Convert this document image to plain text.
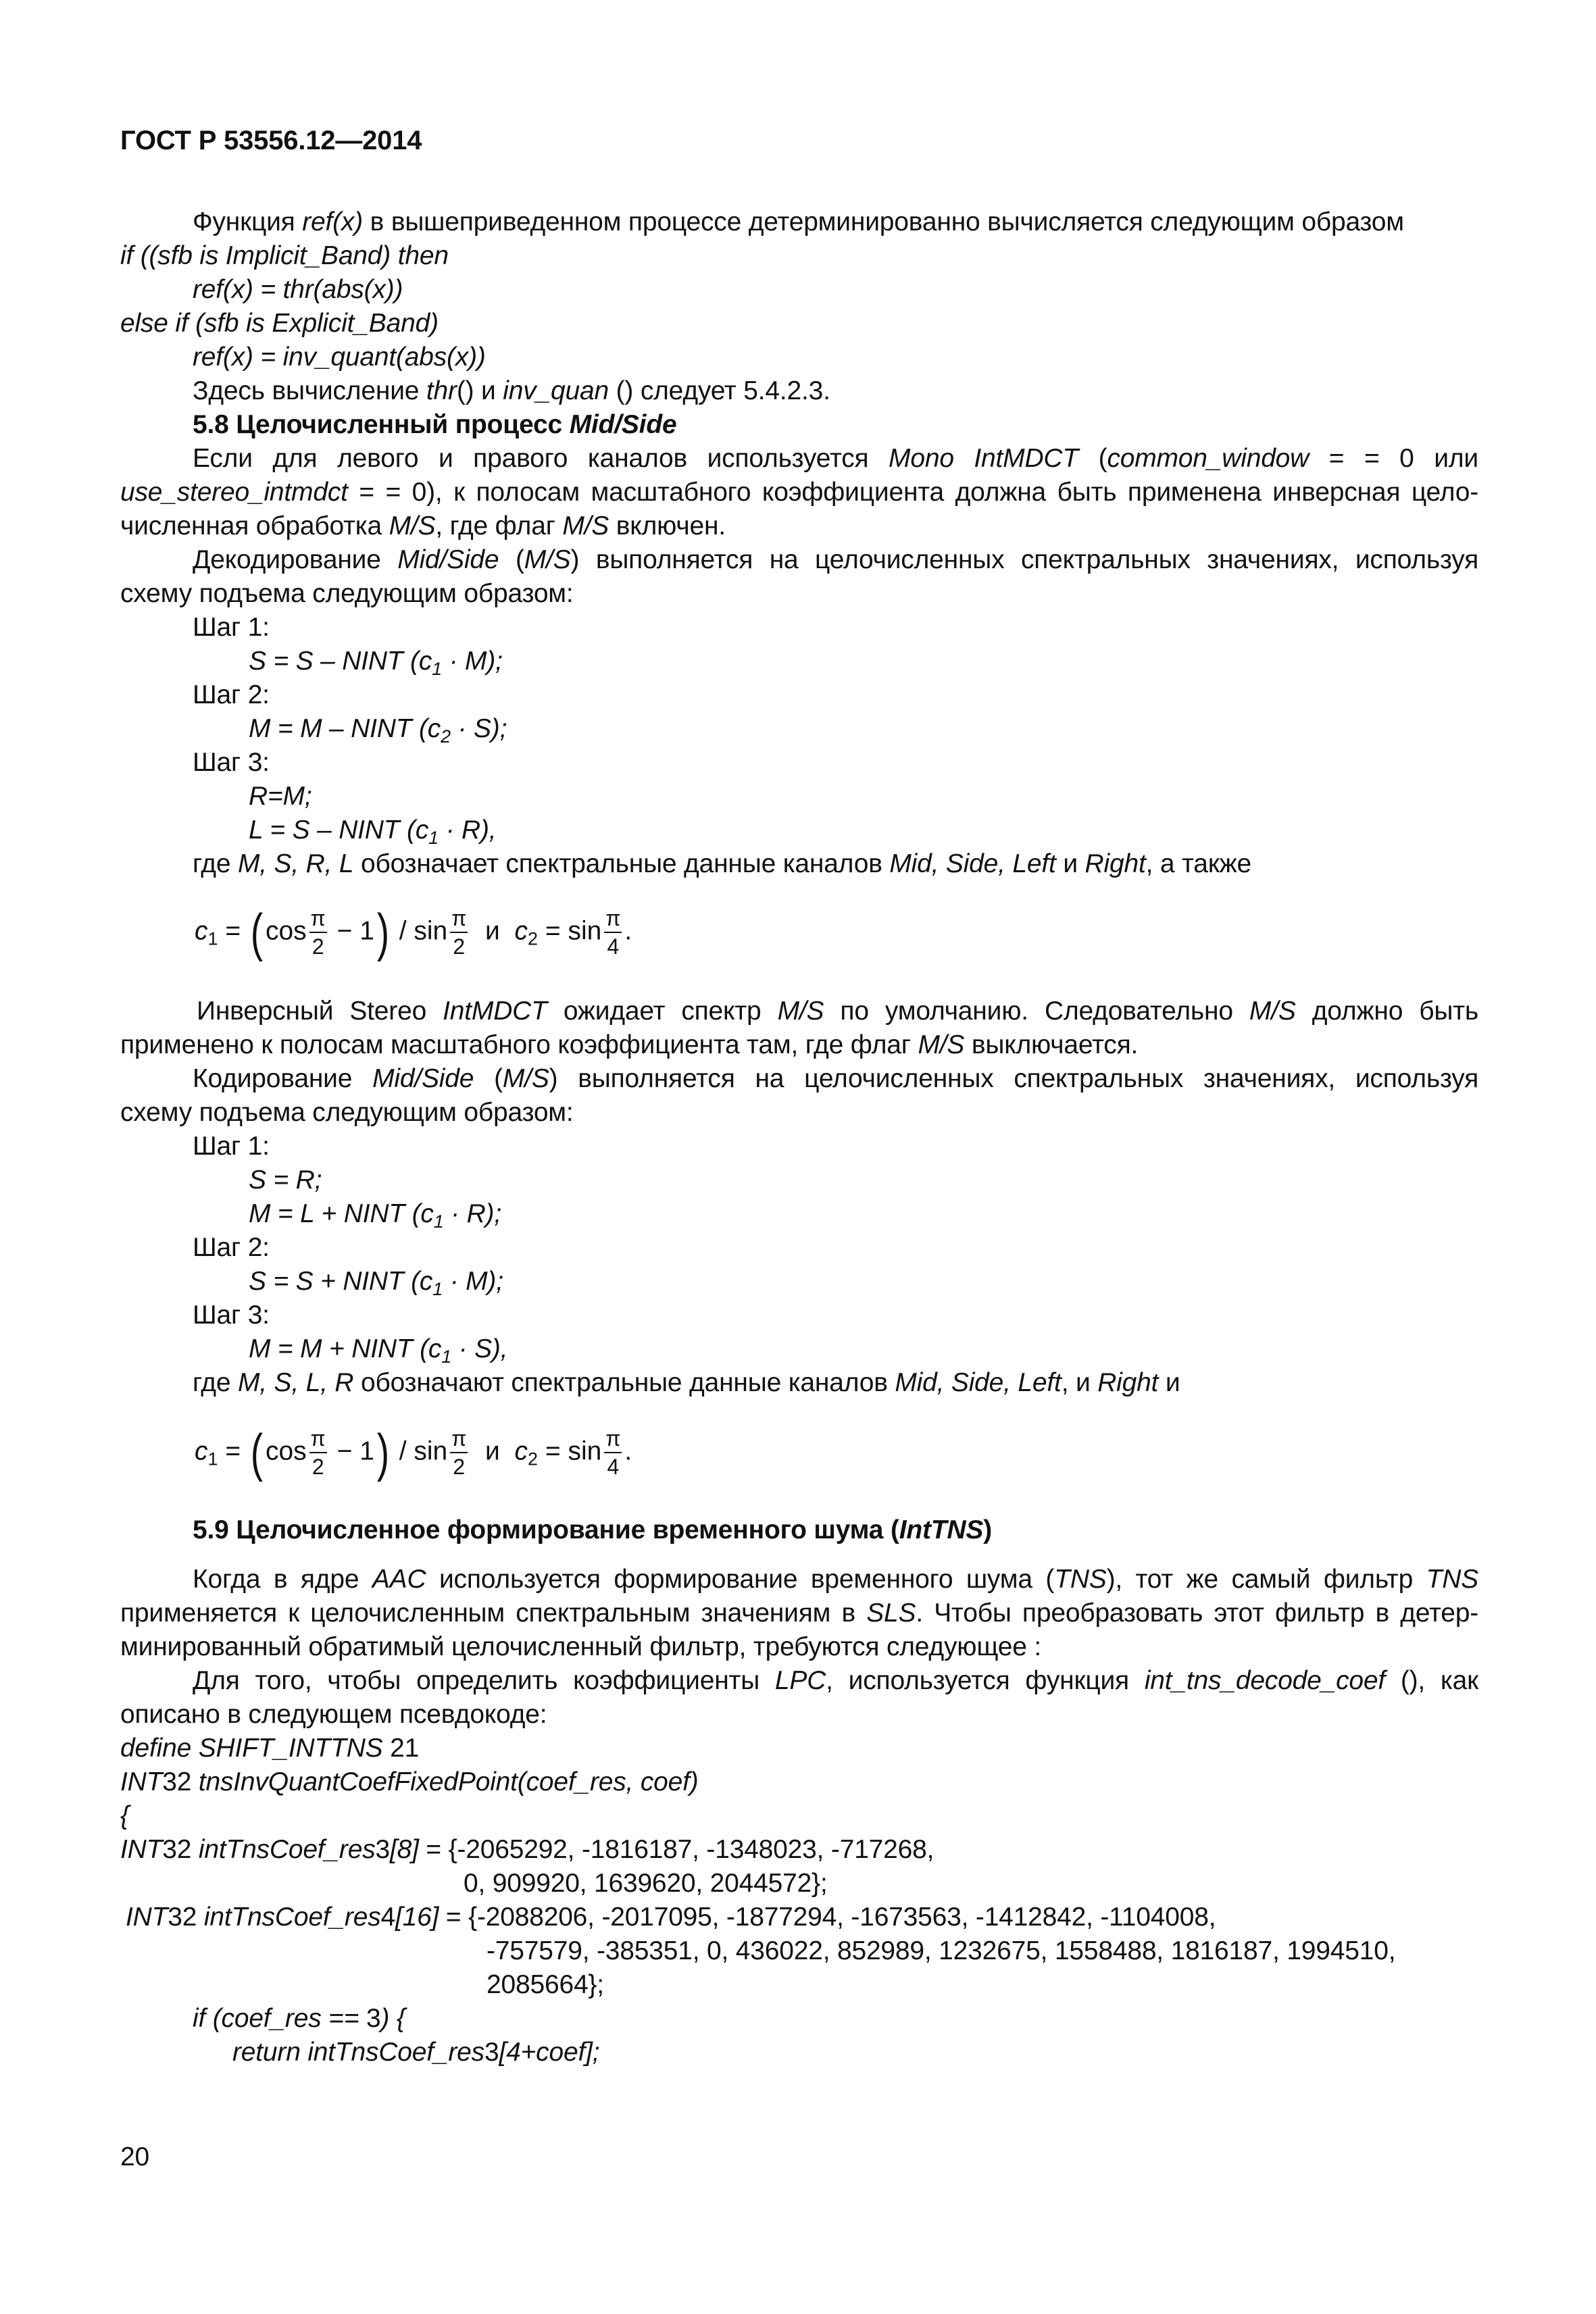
ГОСТ Р 53556.12—2014
Функция ref(x) в вышеприведенном процессе детерминированно вычисляется следующим образом
if ((sfb is Implicit_Band) then
ref(x) = thr(abs(x))
else if (sfb is Explicit_Band)
ref(x) = inv_quant(abs(x))
Здесь вычисление thr() и inv_quan () следует 5.4.2.3.
5.8 Целочисленный процесс Mid/Side
Если для левого и правого каналов используется Mono IntMDCT (common_window = = 0 или
use_stereo_intmdct = = 0), к полосам масштабного коэффициента должна быть применена инверсная цело-
численная обработка M/S, где флаг M/S включен.
Декодирование Mid/Side (M/S) выполняется на целочисленных спектральных значениях, используя
схему подъема следующим образом:
Шаг 1:
S = S – NINT $(c_1 \cdot M)$;
Шаг 2:
M = M – NINT $(c_2 \cdot S)$;
Шаг 3:
R=M;
L = S – NINT $(c_1 \cdot R)$,
где M, S, R, L обозначает спектральные данные каналов Mid, Side, Left и Right, а также
$c_1 = (\cos \frac{\pi}{2} - 1) / \sin \frac{\pi}{2}$ и $c_2 = \sin \frac{\pi}{4}$ .
Инверсный Stereo IntMDCT ожидает спектр M/S по умолчанию. Следовательно M/S должно быть
применено к полосам масштабного коэффициента там, где флаг M/S выключается.
Кодирование Mid/Side (M/S) выполняется на целочисленных спектральных значениях, используя
схему подъема следующим образом:
Шаг 1:
S = R;
M = L + NINT $(c_1 \cdot R)$;
Шаг 2:
S = S + NINT $(c_1 \cdot M)$;
Шаг 3:
M = M + NINT $(c_1 \cdot S)$,
где M, S, L, R обозначают спектральные данные каналов Mid, Side, Left, и Right и
$c_1 = (\cos \frac{\pi}{2} - 1) / \sin \frac{\pi}{2}$ и $c_2 = \sin \frac{\pi}{4}$ .
5.9 Целочисленное формирование временного шума (IntTNS)
Когда в ядре AAC используется формирование временного шума (TNS), тот же самый фильтр TNS
применяется к целочисленным спектральным значениям в SLS. Чтобы преобразовать этот фильтр в детер-
минированный обратимый целочисленный фильтр, требуются следующее :
Для того, чтобы определить коэффициенты LPC, используется функция int_tns_decode_coef (), как
описано в следующем псевдокоде:
define SHIFT_INTTNS 21
INT32 tnsInvQuantCoefFixedPoint(coef_res, coef)
{
INT32 intTnsCoef_res3[8] = {-2065292, -1816187, -1348023, -717268,
0, 909920, 1639620, 2044572};
INT32 intTnsCoef_res4[16] = {-2088206, -2017095, -1877294, -1673563, -1412842, -1104008,
-757579, -385351, 0, 436022, 852989, 1232675, 1558488, 1816187, 1994510,
2085664};
if (coef_res == 3) {
return intTnsCoef_res3[4+coef];
20
